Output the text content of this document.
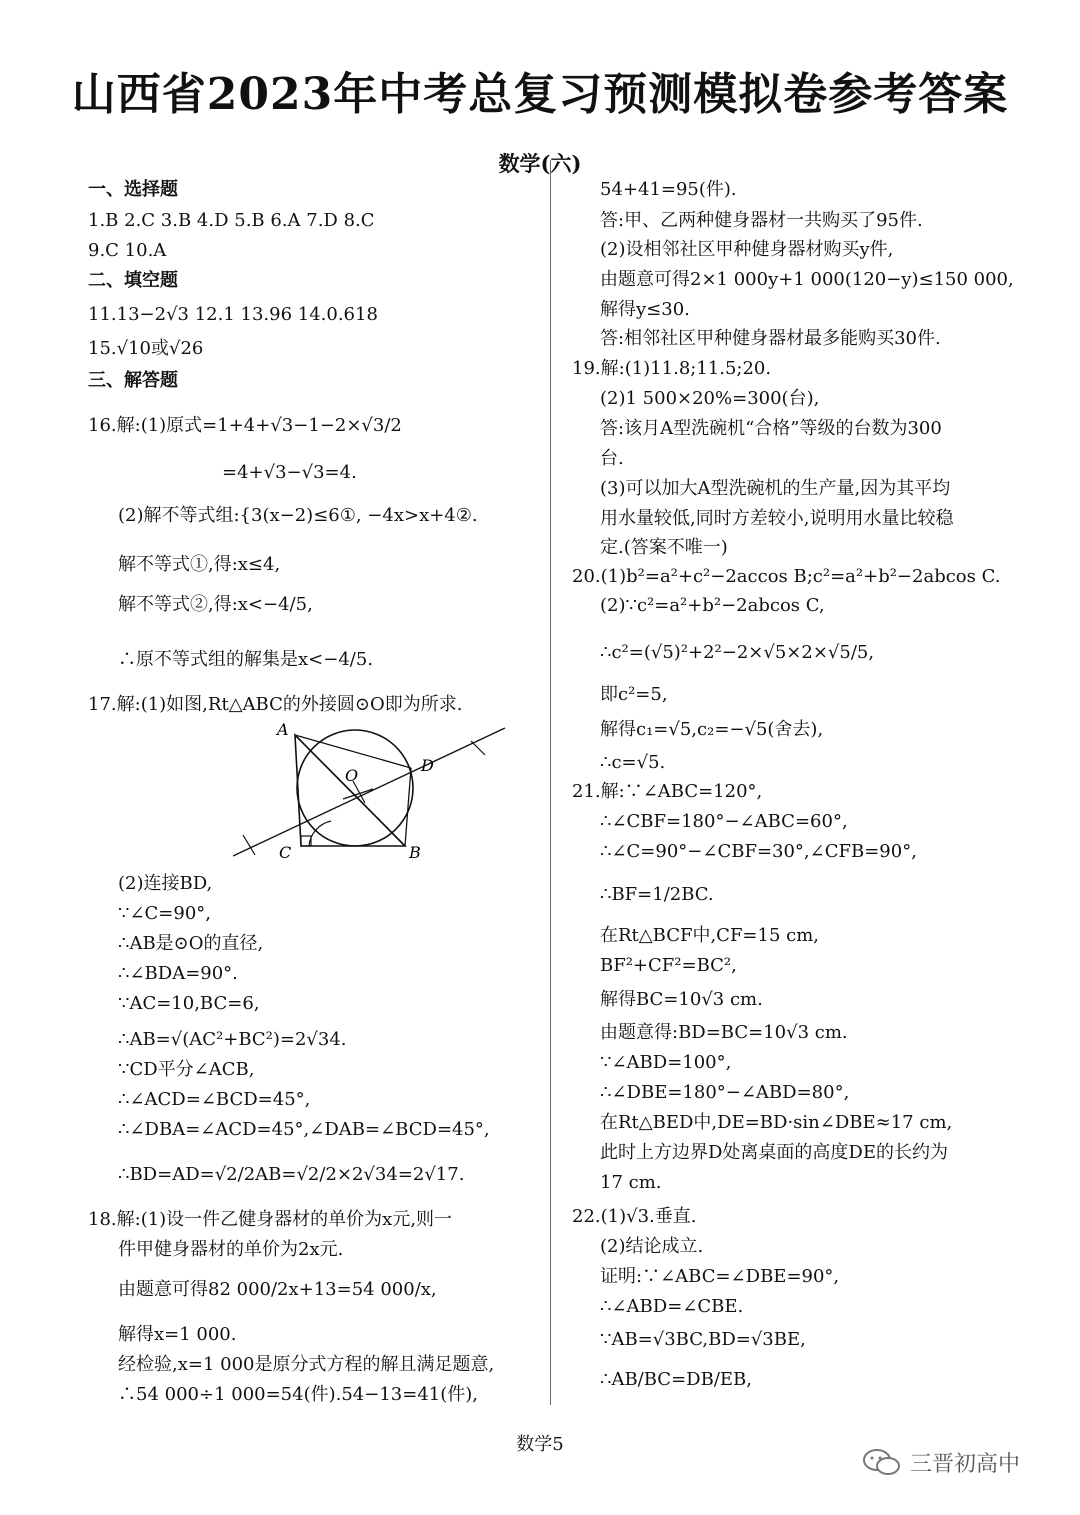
山西省2023年中考总复习预测模拟卷参考答案
数学(六)
一、选择题
1.B 2.C 3.B 4.D 5.B 6.A 7.D 8.C
9.C 10.A
二、填空题
11.13−2√3 12.1 13.96 14.0.618
15.√10或√26
三、解答题
16.解:(1)原式=1+4+√3−1−2×√3/2
=4+√3−√3=4.
(2)解不等式组:{3(x−2)≤6①, −4x>x+4②.
解不等式①,得:x≤4,
解不等式②,得:x<−4/5,
∴原不等式组的解集是x<−4/5.
17.解:(1)如图,Rt△ABC的外接圆⊙O即为所求.
A
B
C
D
O
(2)连接BD,
∵∠C=90°,
∴AB是⊙O的直径,
∴∠BDA=90°.
∵AC=10,BC=6,
∴AB=√(AC²+BC²)=2√34.
∵CD平分∠ACB,
∴∠ACD=∠BCD=45°,
∴∠DBA=∠ACD=45°,∠DAB=∠BCD=45°,
∴BD=AD=√2/2AB=√2/2×2√34=2√17.
18.解:(1)设一件乙健身器材的单价为x元,则一
件甲健身器材的单价为2x元.
由题意可得82 000/2x+13=54 000/x,
解得x=1 000.
经检验,x=1 000是原分式方程的解且满足题意,
∴54 000÷1 000=54(件).54−13=41(件),
54+41=95(件).
答:甲、乙两种健身器材一共购买了95件.
(2)设相邻社区甲种健身器材购买y件,
由题意可得2×1 000y+1 000(120−y)≤150 000,
解得y≤30.
答:相邻社区甲种健身器材最多能购买30件.
19.解:(1)11.8;11.5;20.
(2)1 500×20%=300(台),
答:该月A型洗碗机“合格”等级的台数为300
台.
(3)可以加大A型洗碗机的生产量,因为其平均
用水量较低,同时方差较小,说明用水量比较稳
定.(答案不唯一)
20.(1)b²=a²+c²−2accos B;c²=a²+b²−2abcos C.
(2)∵c²=a²+b²−2abcos C,
∴c²=(√5)²+2²−2×√5×2×√5/5,
即c²=5,
解得c₁=√5,c₂=−√5(舍去),
∴c=√5.
21.解:∵∠ABC=120°,
∴∠CBF=180°−∠ABC=60°,
∴∠C=90°−∠CBF=30°,∠CFB=90°,
∴BF=1/2BC.
在Rt△BCF中,CF=15 cm,
BF²+CF²=BC²,
解得BC=10√3 cm.
由题意得:BD=BC=10√3 cm.
∵∠ABD=100°,
∴∠DBE=180°−∠ABD=80°,
在Rt△BED中,DE=BD·sin∠DBE≈17 cm,
此时上方边界D处离桌面的高度DE的长约为
17 cm.
22.(1)√3.垂直.
(2)结论成立.
证明:∵∠ABC=∠DBE=90°,
∴∠ABD=∠CBE.
∵AB=√3BC,BD=√3BE,
∴AB/BC=DB/EB,

数学5

三晋初高中
